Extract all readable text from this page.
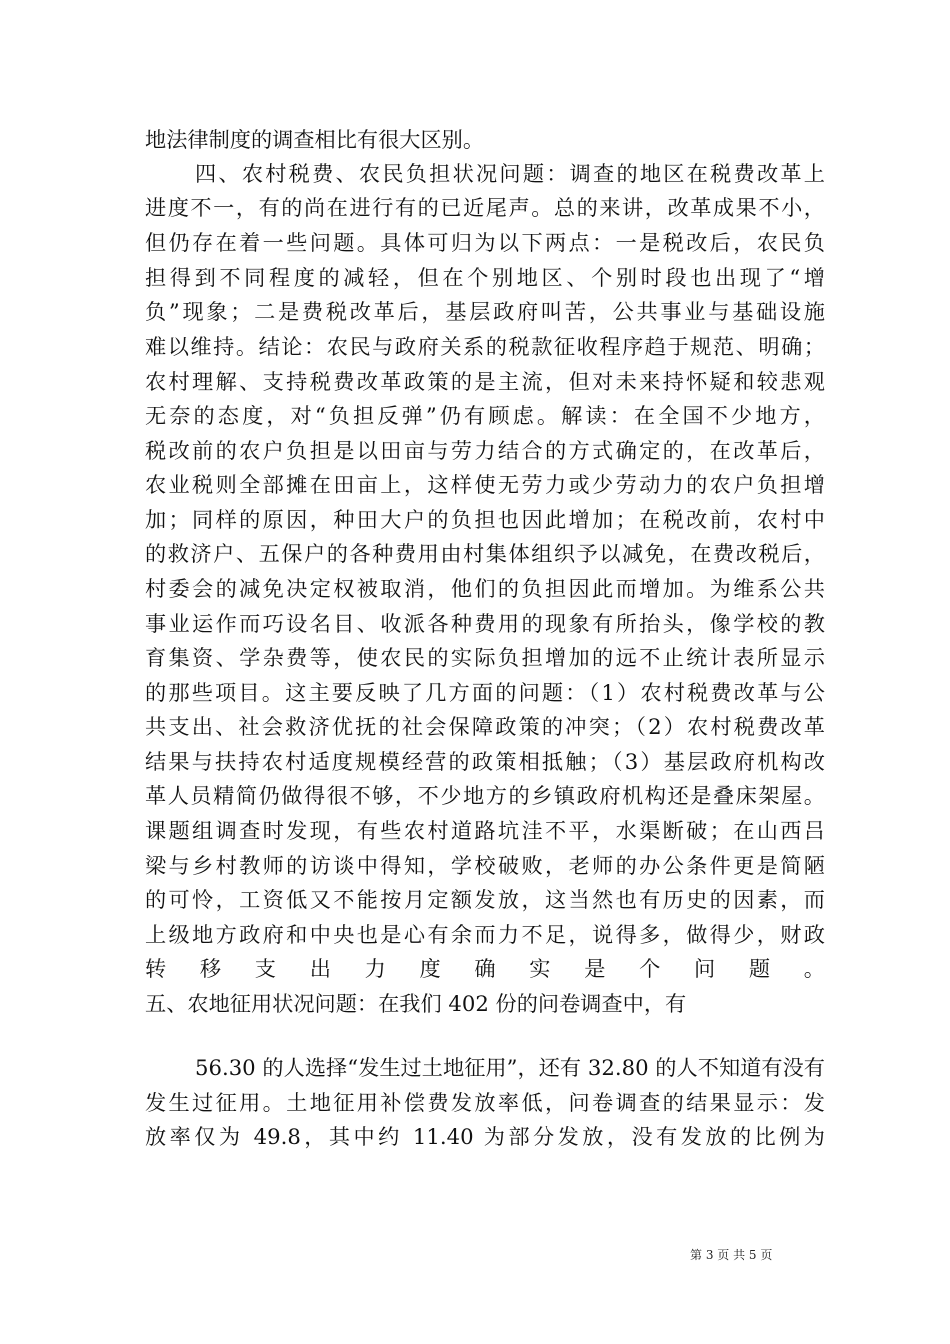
地法律制度的调查相比有很大区别。
四、农村税费、农民负担状况问题：调查的地区在税费改革上
进度不一，有的尚在进行有的已近尾声。总的来讲，改革成果不小，
但仍存在着一些问题。具体可归为以下两点：一是税改后，农民负
担得到不同程度的减轻，但在个别地区、个别时段也出现了“增
负”现象；二是费税改革后，基层政府叫苦，公共事业与基础设施
难以维持。结论：农民与政府关系的税款征收程序趋于规范、明确；
农村理解、支持税费改革政策的是主流，但对未来持怀疑和较悲观
无奈的态度，对“负担反弹”仍有顾虑。解读：在全国不少地方，
税改前的农户负担是以田亩与劳力结合的方式确定的，在改革后，
农业税则全部摊在田亩上，这样使无劳力或少劳动力的农户负担增
加；同样的原因，种田大户的负担也因此增加；在税改前，农村中
的救济户、五保户的各种费用由村集体组织予以减免，在费改税后，
村委会的减免决定权被取消，他们的负担因此而增加。为维系公共
事业运作而巧设名目、收派各种费用的现象有所抬头，像学校的教
育集资、学杂费等，使农民的实际负担增加的远不止统计表所显示
的那些项目。这主要反映了几方面的问题：（1）农村税费改革与公
共支出、社会救济优抚的社会保障政策的冲突；（2）农村税费改革
结果与扶持农村适度规模经营的政策相抵触；（3）基层政府机构改
革人员精简仍做得很不够，不少地方的乡镇政府机构还是叠床架屋。
课题组调查时发现，有些农村道路坑洼不平，水渠断破；在山西吕
梁与乡村教师的访谈中得知，学校破败，老师的办公条件更是简陋
的可怜，工资低又不能按月定额发放，这当然也有历史的因素，而
上级地方政府和中央也是心有余而力不足，说得多，做得少，财政
转移支出力度确实是个问题。
五、农地征用状况问题：在我们 402 份的问卷调查中，有
56.30 的人选择“发生过土地征用”，还有 32.80 的人不知道有没有
发生过征用。土地征用补偿费发放率低，问卷调查的结果显示：发
放率仅为 49.8，其中约 11.40 为部分发放，没有发放的比例为
第 3 页 共 5 页
